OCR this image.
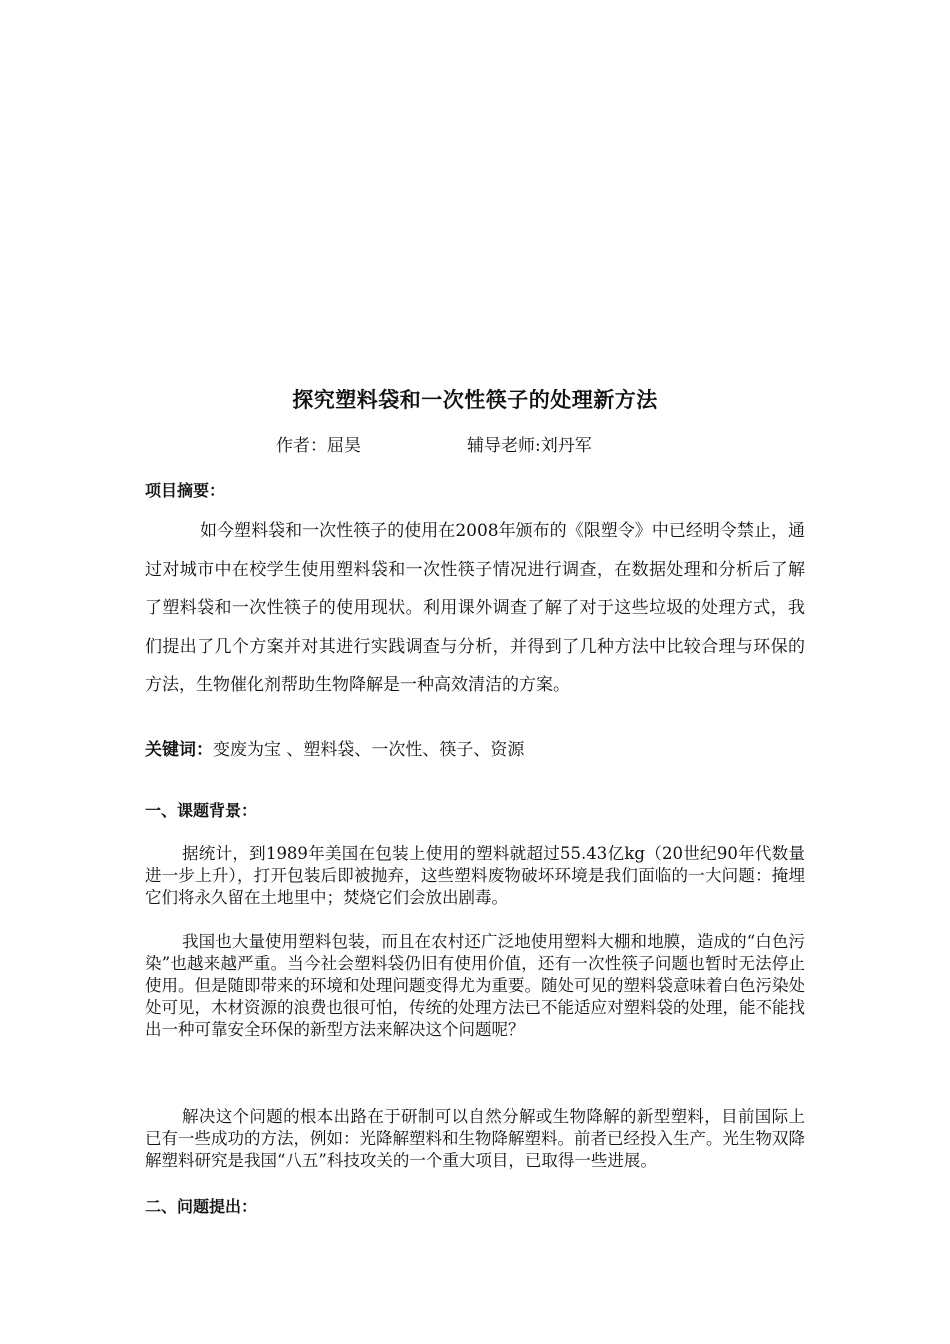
探究塑料袋和一次性筷子的处理新方法
作者：屈昊	辅导老师:刘丹军
项目摘要：

如今塑料袋和一次性筷子的使用在2008年颁布的《限塑令》中已经明令禁止，通过对城市中在校学生使用塑料袋和一次性筷子情况进行调查，在数据处理和分析后了解了塑料袋和一次性筷子的使用现状。利用课外调查了解了对于这些垃圾的处理方式，我们提出了几个方案并对其进行实践调查与分析，并得到了几种方法中比较合理与环保的方法，生物催化剂帮助生物降解是一种高效清洁的方案。

关键词：变废为宝 、塑料袋、一次性、筷子、资源
一、课题背景：

据统计，到1989年美国在包装上使用的塑料就超过55.43亿kg（20世纪90年代数量进一步上升），打开包装后即被抛弃，这些塑料废物破坏环境是我们面临的一大问题：掩埋它们将永久留在土地里中；焚烧它们会放出剧毒。

我国也大量使用塑料包装，而且在农村还广泛地使用塑料大棚和地膜，造成的“白色污染”也越来越严重。当今社会塑料袋仍旧有使用价值，还有一次性筷子问题也暂时无法停止使用。但是随即带来的环境和处理问题变得尤为重要。随处可见的塑料袋意味着白色污染处处可见，木材资源的浪费也很可怕，传统的处理方法已不能适应对塑料袋的处理，能不能找出一种可靠安全环保的新型方法来解决这个问题呢？

解决这个问题的根本出路在于研制可以自然分解或生物降解的新型塑料，目前国际上已有一些成功的方法，例如：光降解塑料和生物降解塑料。前者已经投入生产。光生物双降解塑料研究是我国“八五”科技攻关的一个重大项目，已取得一些进展。

二、问题提出：
